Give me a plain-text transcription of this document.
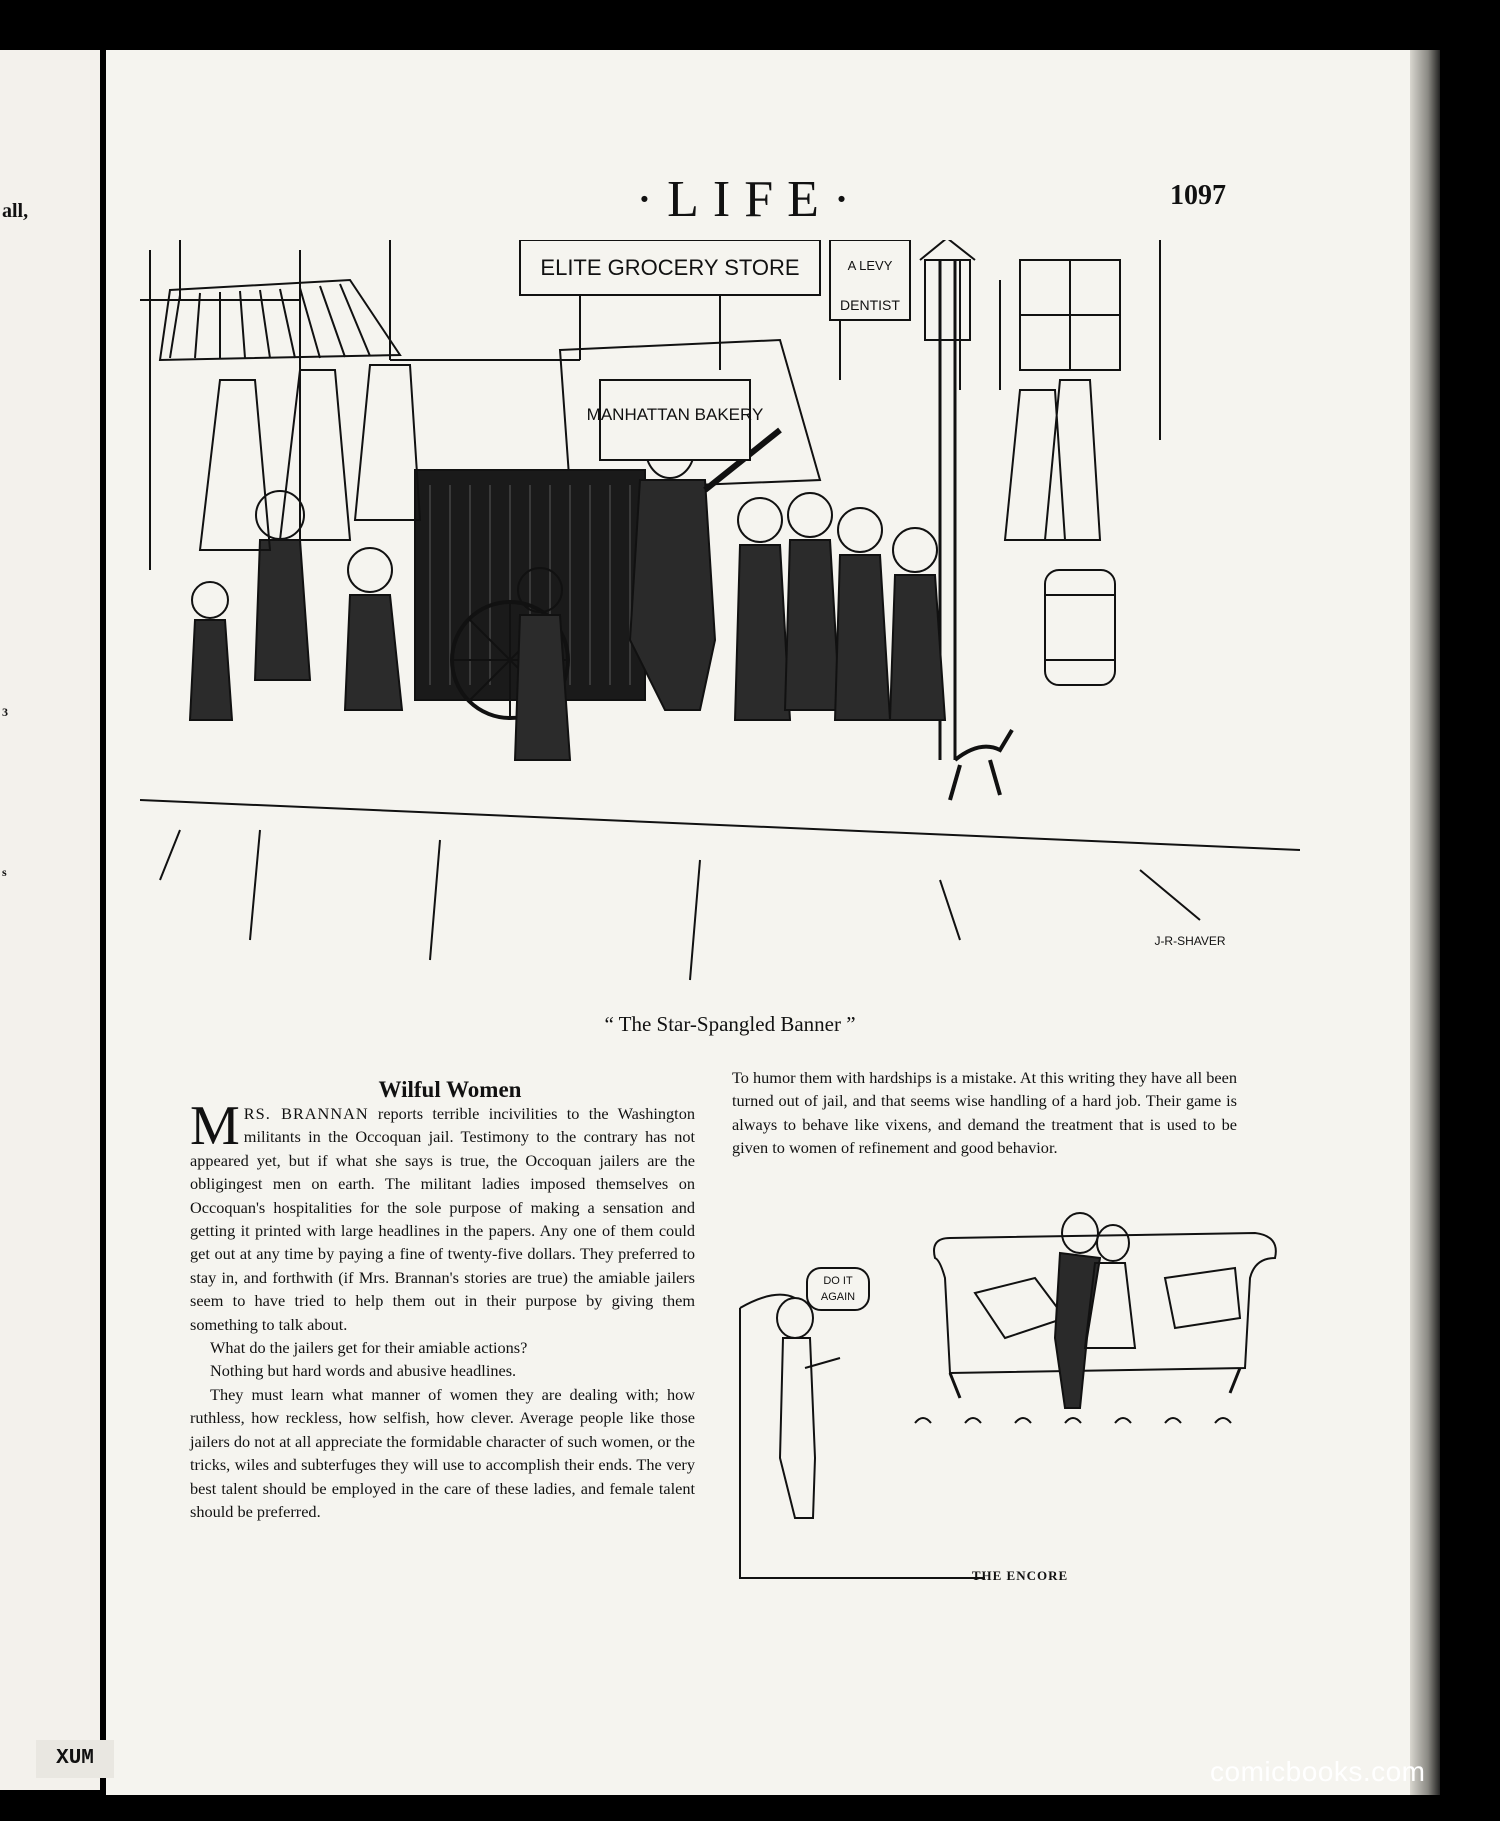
all,
3
s
·LIFE·	1097
ELITE GROCERY STORE	A LEVY
DENTIST
MANHATTAN BAKERY
J-R-SHAVER
“ The Star-Spangled Banner ”
Wilful Women

MRS. BRANNAN reports terrible incivilities to the Washington militants in the Occoquan jail. Testimony to the contrary has not appeared yet, but if what she says is true, the Occoquan jailers are the obligingest men on earth. The militant ladies imposed themselves on Occoquan's hospitalities for the sole purpose of making a sensation and getting it printed with large headlines in the papers. Any one of them could get out at any time by paying a fine of twenty-five dollars. They preferred to stay in, and forthwith (if Mrs. Brannan's stories are true) the amiable jailers seem to have tried to help them out in their purpose by giving them something to talk about.

What do the jailers get for their amiable actions?

Nothing but hard words and abusive headlines.

They must learn what manner of women they are dealing with; how ruthless, how reckless, how selfish, how clever. Average people like those jailers do not at all appreciate the formidable character of such women, or the tricks, wiles and subterfuges they will use to accomplish their ends. The very best talent should be employed in the care of these ladies, and female talent should be preferred.

To humor them with hardships is a mistake. At this writing they have all been turned out of jail, and that seems wise handling of a hard job. Their game is always to behave like vixens, and demand the treatment that is used to be given to women of refinement and good behavior.

DO IT
AGAIN
THE ENCORE
XUM	comicbooks.com
